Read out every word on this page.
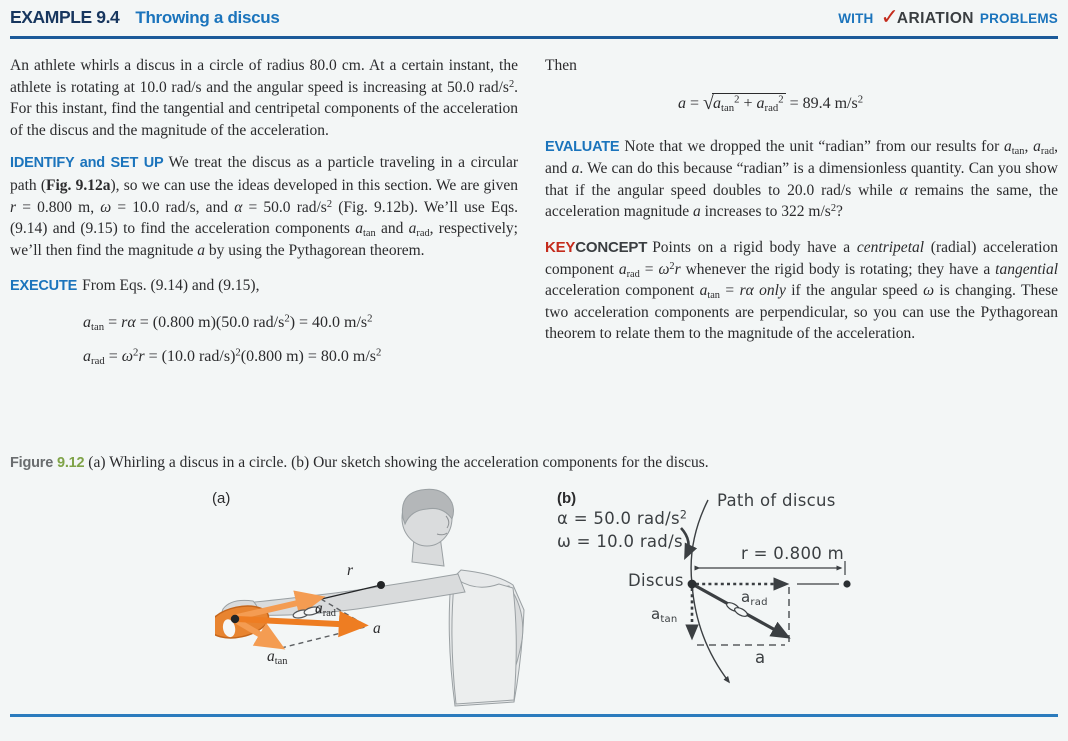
EXAMPLE 9.4 Throwing a discus	WITH ✓
ARIATION PROBLEMS

An athlete whirls a discus in a circle of radius 80.0 cm. At a certain instant, the athlete is rotating at 10.0 rad/s and the angular speed is increasing at 50.0 rad/$s^2$. For this instant, find the tangential and centripetal components of the acceleration of the discus and the magnitude of the acceleration.

IDENTIFY and SET UP We treat the discus as a particle traveling in a circular path (Fig. 9.12a), so we can use the ideas developed in this section. We are given r = 0.800 m, ω = 10.0 rad/s, and α = 50.0 rad/$s^2$ (Fig. 9.12b). We’ll use Eqs. (9.14) and (9.15) to find the acceleration components $a_{tan}$ and $a_{rad}$, respectively; we’ll then find the magnitude a by using the Pythagorean theorem.

EXECUTE From Eqs. (9.14) and (9.15),

$a_{tan} = r\alpha = (0.800$ m)(50.0 rad/$s^2) = 40.0$ $m/s^2$
$a_{rad} = \omega^2r = (10.0$ rad/s)$^2$(0.800 m) = 80.0 $m/s^2$

Then

$a = √a_{tan}^2 + a_{rad}^2 = 89.4$ $m/s^2$

EVALUATE Note that we dropped the unit “radian” from our results for $a_{tan}$, $a_{rad}$, and a. We can do this because “radian” is a dimensionless quantity. Can you show that if the angular speed doubles to 20.0 rad/s while α remains the same, the acceleration magnitude a increases to 322 $m/s^2$?

KEYCONCEPT Points on a rigid body have a centripetal (radial) acceleration component $a_{rad} = \omega^2r$ whenever the rigid body is rotating; they have a tangential acceleration component $a_{tan} = r\alpha$ only if the angular speed ω is changing. These two acceleration components are perpendicular, so you can use the Pythagorean theorem to relate them to the magnitude of the acceleration.

Figure 9.12 (a) Whirling a discus in a circle. (b) Our sketch showing the acceleration components for the discus.
(a)
r
$a_{rad}$
a
$a_{tan}$
(b)
α = 50.0 rad/$s^2$
ω = 10.0 rad/s
Path of discus
r = 0.800 m
Discus
$a_{rad}$
$a_{tan}$
a
